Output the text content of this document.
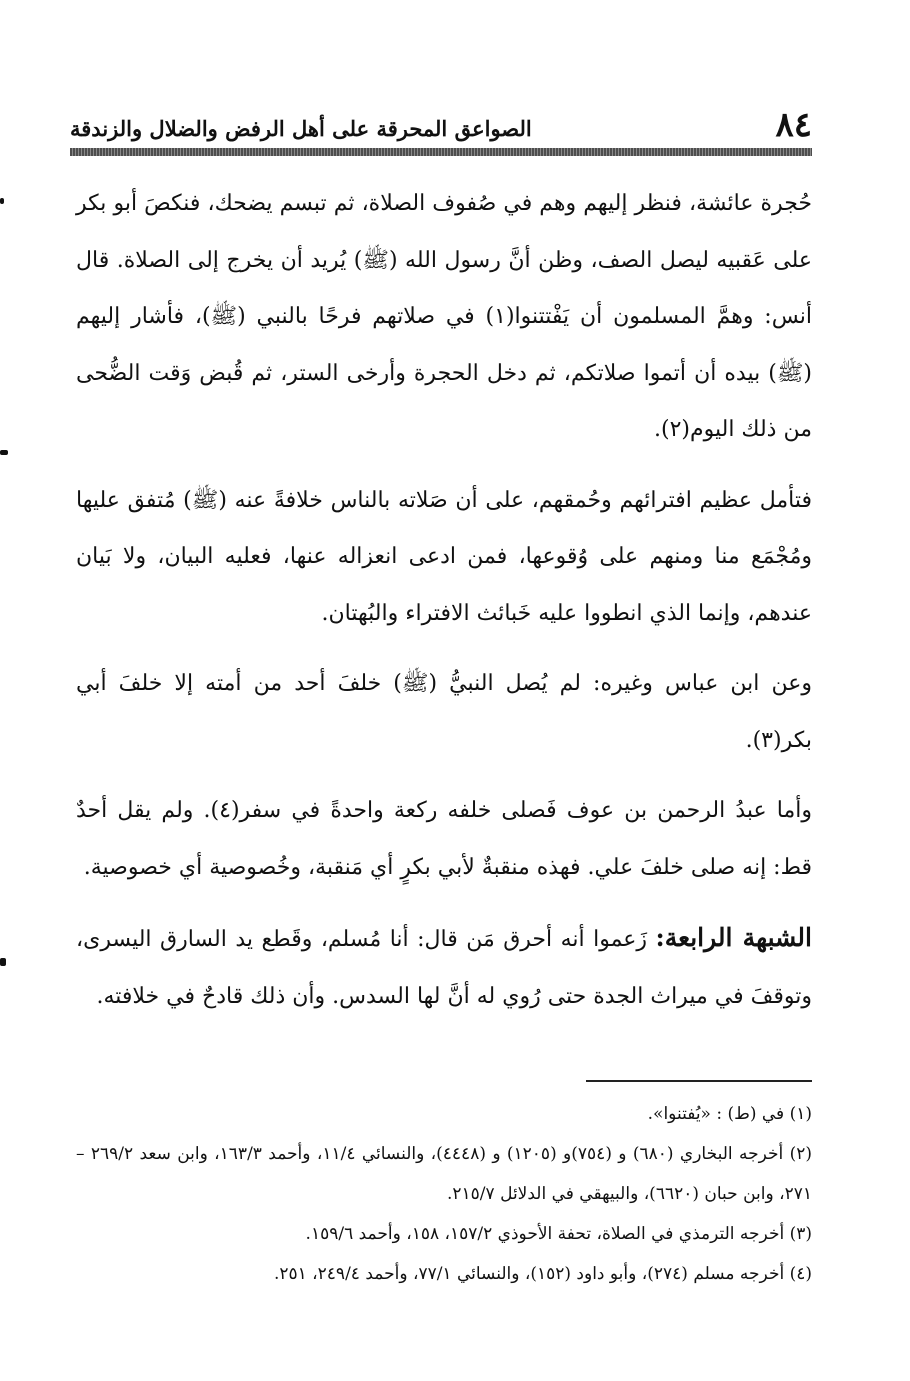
٨٤
الصواعق المحرقة على أهل الرفض والضلال والزندقة

حُجرة عائشة، فنظر إليهم وهم في صُفوف الصلاة، ثم تبسم يضحك، فنكصَ أبو بكر على عَقبيه ليصل الصف، وظن أنَّ رسول الله (ﷺ) يُريد أن يخرج إلى الصلاة. قال أنس: وهمَّ المسلمون أن يَفْتتنوا(١) في صلاتهم فرحًا بالنبي (ﷺ)، فأشار إليهم (ﷺ) بيده أن أتموا صلاتكم، ثم دخل الحجرة وأرخى الستر، ثم قُبض وَقت الضُّحى من ذلك اليوم(٢).

فتأمل عظيم افترائهم وحُمقهم، على أن صَلاته بالناس خلافةً عنه (ﷺ) مُتفق عليها ومُجْمَع منا ومنهم على وُقوعها، فمن ادعى انعزاله عنها، فعليه البيان، ولا بَيان عندهم، وإنما الذي انطووا عليه خَبائث الافتراء والبُهتان.

وعن ابن عباس وغيره: لم يُصل النبيُّ (ﷺ) خلفَ أحد من أمته إلا خلفَ أبي بكر(٣).

وأما عبدُ الرحمن بن عوف فَصلى خلفه ركعة واحدةً في سفر(٤). ولم يقل أحدٌ قط: إنه صلى خلفَ علي. فهذه منقبةٌ لأبي بكرٍ أي مَنقبة، وخُصوصية أي خصوصية.

الشبهة الرابعة: زَعموا أنه أحرق مَن قال: أنا مُسلم، وقَطع يد السارق اليسرى، وتوقفَ في ميراث الجدة حتى رُوي له أنَّ لها السدس. وأن ذلك قادحٌ في خلافته.

(١) في (ط) : «يُفتنوا».

(٢) أخرجه البخاري (٦٨٠) و (٧٥٤)و (١٢٠٥) و (٤٤٤٨)، والنسائي ١١/٤، وأحمد ١٦٣/٣، وابن سعد ٢٦٩/٢ – ٢٧١، وابن حبان (٦٦٢٠)، والبيهقي في الدلائل ٢١٥/٧.

(٣) أخرجه الترمذي في الصلاة، تحفة الأحوذي ١٥٧/٢، ١٥٨، وأحمد ١٥٩/٦.

(٤) أخرجه مسلم (٢٧٤)، وأبو داود (١٥٢)، والنسائي ٧٧/١، وأحمد ٢٤٩/٤، ٢٥١.
